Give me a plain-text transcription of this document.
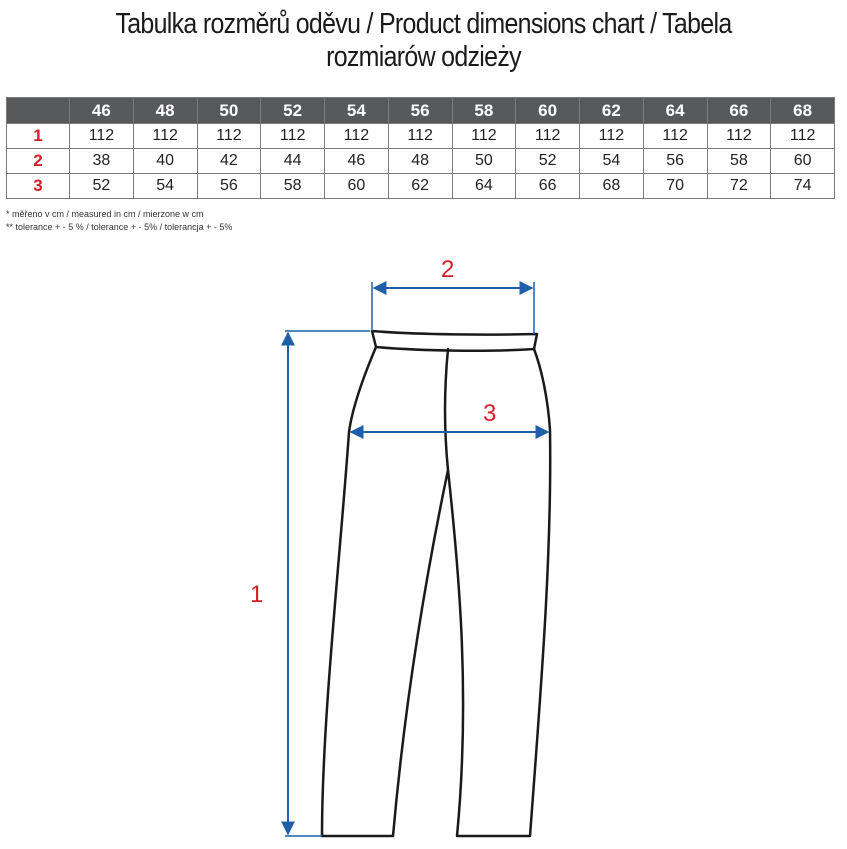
Tabulka rozměrů oděvu / Product dimensions chart / Tabela rozmiarów odzieży
	46	48	50	52	54	56	58	60	62	64	66	68
1	112	112	112	112	112	112	112	112	112	112	112	112
2	38	40	42	44	46	48	50	52	54	56	58	60
3	52	54	56	58	60	62	64	66	68	70	72	74
* měřeno v cm / measured in cm / mierzone w cm
** tolerance + - 5 % / tolerance + - 5% / tolerancja + - 5%
1
2
3
